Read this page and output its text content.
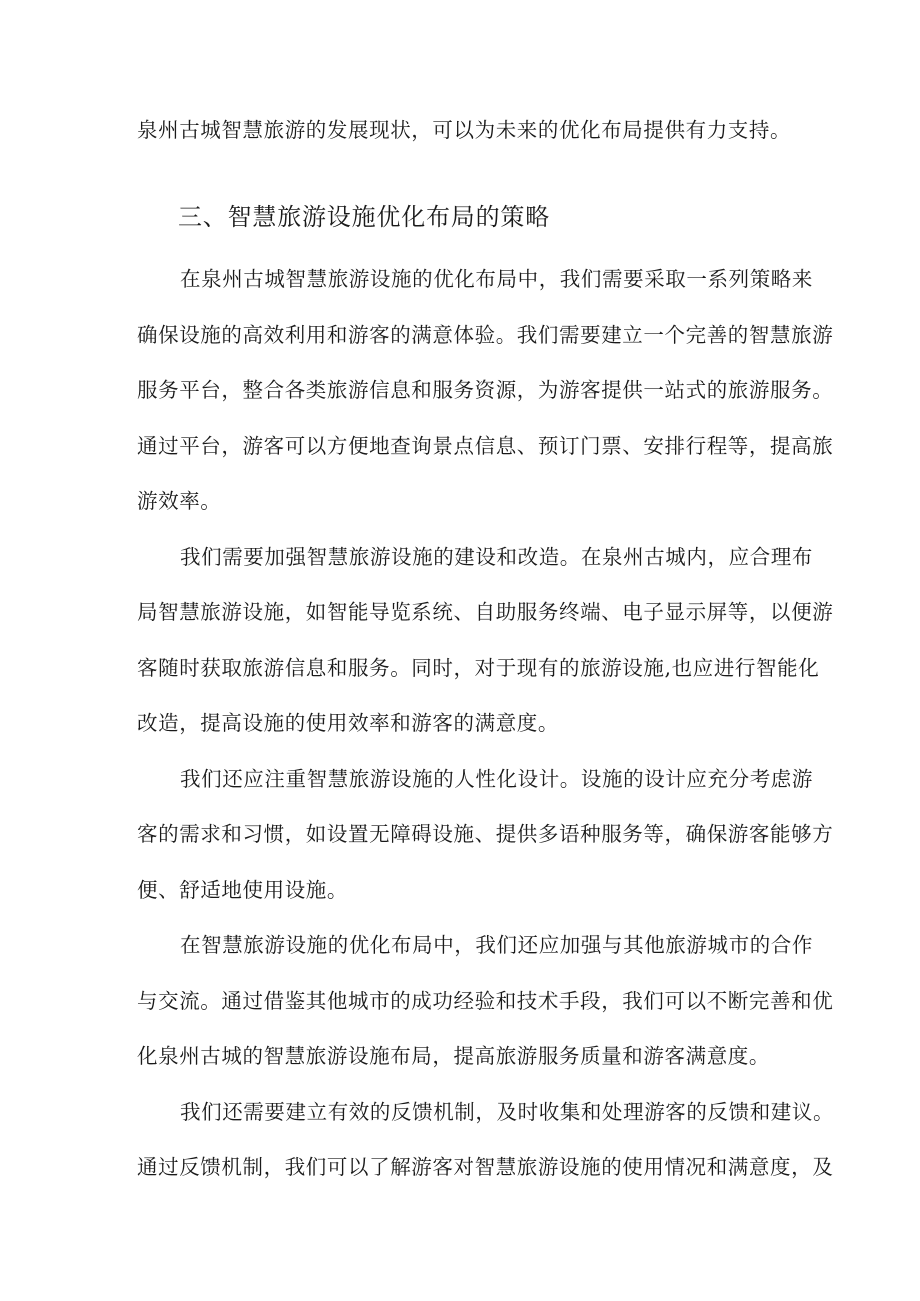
泉州古城智慧旅游的发展现状，可以为未来的优化布局提供有力支持。
三、智慧旅游设施优化布局的策略
在泉州古城智慧旅游设施的优化布局中，我们需要采取一系列策略来
确保设施的高效利用和游客的满意体验。我们需要建立一个完善的智慧旅游
服务平台，整合各类旅游信息和服务资源，为游客提供一站式的旅游服务。
通过平台，游客可以方便地查询景点信息、预订门票、安排行程等，提高旅
游效率。
我们需要加强智慧旅游设施的建设和改造。在泉州古城内，应合理布
局智慧旅游设施，如智能导览系统、自助服务终端、电子显示屏等，以便游
客随时获取旅游信息和服务。同时，对于现有的旅游设施,也应进行智能化
改造，提高设施的使用效率和游客的满意度。
我们还应注重智慧旅游设施的人性化设计。设施的设计应充分考虑游
客的需求和习惯，如设置无障碍设施、提供多语种服务等，确保游客能够方
便、舒适地使用设施。
在智慧旅游设施的优化布局中，我们还应加强与其他旅游城市的合作
与交流。通过借鉴其他城市的成功经验和技术手段，我们可以不断完善和优
化泉州古城的智慧旅游设施布局，提高旅游服务质量和游客满意度。
我们还需要建立有效的反馈机制，及时收集和处理游客的反馈和建议。
通过反馈机制，我们可以了解游客对智慧旅游设施的使用情况和满意度，及
